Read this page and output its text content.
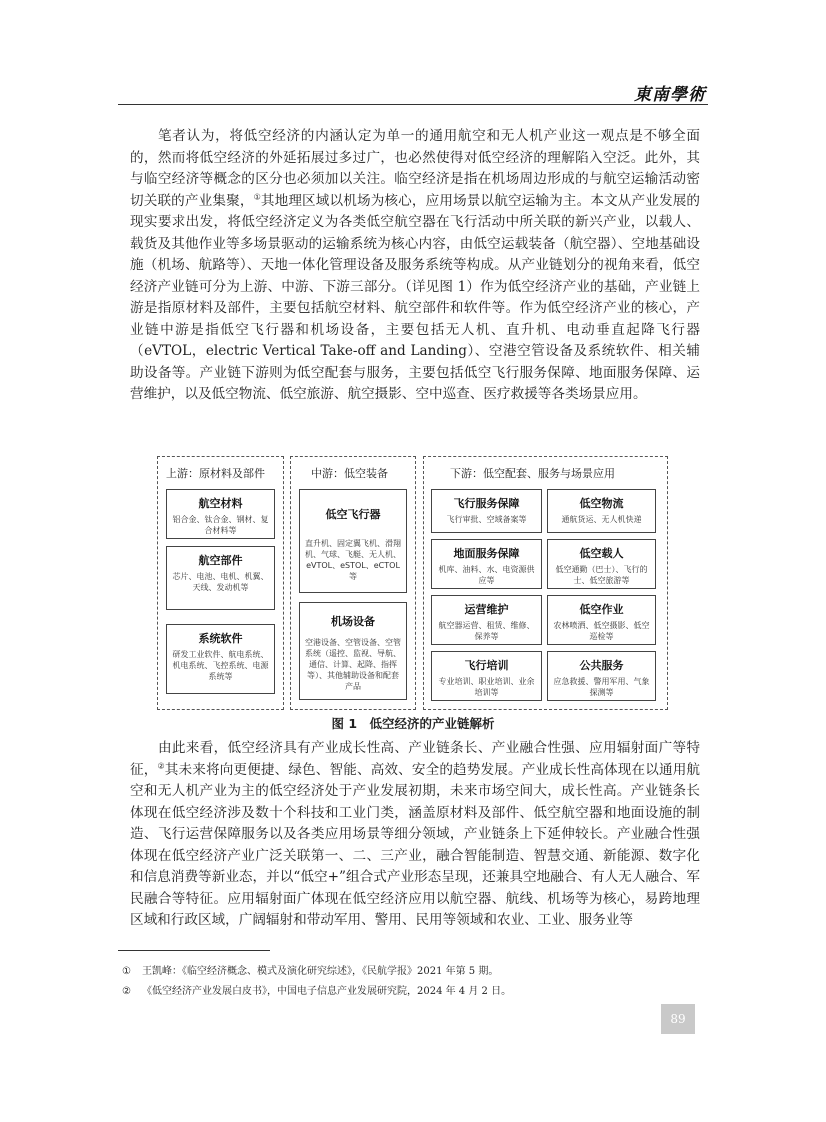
東南學術

笔者认为，将低空经济的内涵认定为单一的通用航空和无人机产业这一观点是不够全面的，然而将低空经济的外延拓展过多过广，也必然使得对低空经济的理解陷入空泛。此外，其与临空经济等概念的区分也必须加以关注。临空经济是指在机场周边形成的与航空运输活动密切关联的产业集聚，①其地理区域以机场为核心，应用场景以航空运输为主。本文从产业发展的现实要求出发，将低空经济定义为各类低空航空器在飞行活动中所关联的新兴产业，以载人、载货及其他作业等多场景驱动的运输系统为核心内容，由低空运载装备（航空器）、空地基础设施（机场、航路等）、天地一体化管理设备及服务系统等构成。从产业链划分的视角来看，低空经济产业链可分为上游、中游、下游三部分。（详见图 1）作为低空经济产业的基础，产业链上游是指原材料及部件，主要包括航空材料、航空部件和软件等。作为低空经济产业的核心，产业链中游是指低空飞行器和机场设备，主要包括无人机、直升机、电动垂直起降飞行器（eVTOL，electric Vertical Take-off and Landing）、空港空管设备及系统软件、相关辅助设备等。产业链下游则为低空配套与服务，主要包括低空飞行服务保障、地面服务保障、运营维护，以及低空物流、低空旅游、航空摄影、空中巡查、医疗救援等各类场景应用。

上游：原材料及部件
航空材料
铝合金、钛合金、钢材、复合材料等
航空部件
芯片、电池、电机、机翼、天线、发动机等
系统软件
研发工业软件、航电系统、机电系统、飞控系统、电源系统等
中游：低空装备
低空飞行器
直升机、固定翼飞机、滑翔机、气球、飞艇、无人机、eVTOL、eSTOL、eCTOL等
机场设备
空港设备、空管设备、空管系统（遥控、监视、导航、通信、计算、起降、指挥等）、其他辅助设备和配套产品
下游：低空配套、服务与场景应用
飞行服务保障
飞行审批、空域备案等
低空物流
通航货运、无人机快递
地面服务保障
机库、油料、水、电资源供应等
低空载人
低空通勤（巴士）、飞行的士、低空旅游等
运营维护
航空器运营、租赁、维修、保养等
低空作业
农林喷洒、低空摄影、低空巡检等
飞行培训
专业培训、职业培训、业余培训等
公共服务
应急救援、警用军用、气象探测等
图 1　低空经济的产业链解析

由此来看，低空经济具有产业成长性高、产业链条长、产业融合性强、应用辐射面广等特征，②其未来将向更便捷、绿色、智能、高效、安全的趋势发展。产业成长性高体现在以通用航空和无人机产业为主的低空经济处于产业发展初期，未来市场空间大，成长性高。产业链条长体现在低空经济涉及数十个科技和工业门类，涵盖原材料及部件、低空航空器和地面设施的制造、飞行运营保障服务以及各类应用场景等细分领域，产业链条上下延伸较长。产业融合性强体现在低空经济产业广泛关联第一、二、三产业，融合智能制造、智慧交通、新能源、数字化和信息消费等新业态，并以“低空+”组合式产业形态呈现，还兼具空地融合、有人无人融合、军民融合等特征。应用辐射面广体现在低空经济应用以航空器、航线、机场等为核心，易跨地理区域和行政区域，广阔辐射和带动军用、警用、民用等领域和农业、工业、服务业等

① 王凯峰：《临空经济概念、模式及演化研究综述》，《民航学报》2021 年第 5 期。
② 《低空经济产业发展白皮书》，中国电子信息产业发展研究院，2024 年 4 月 2 日。
89
